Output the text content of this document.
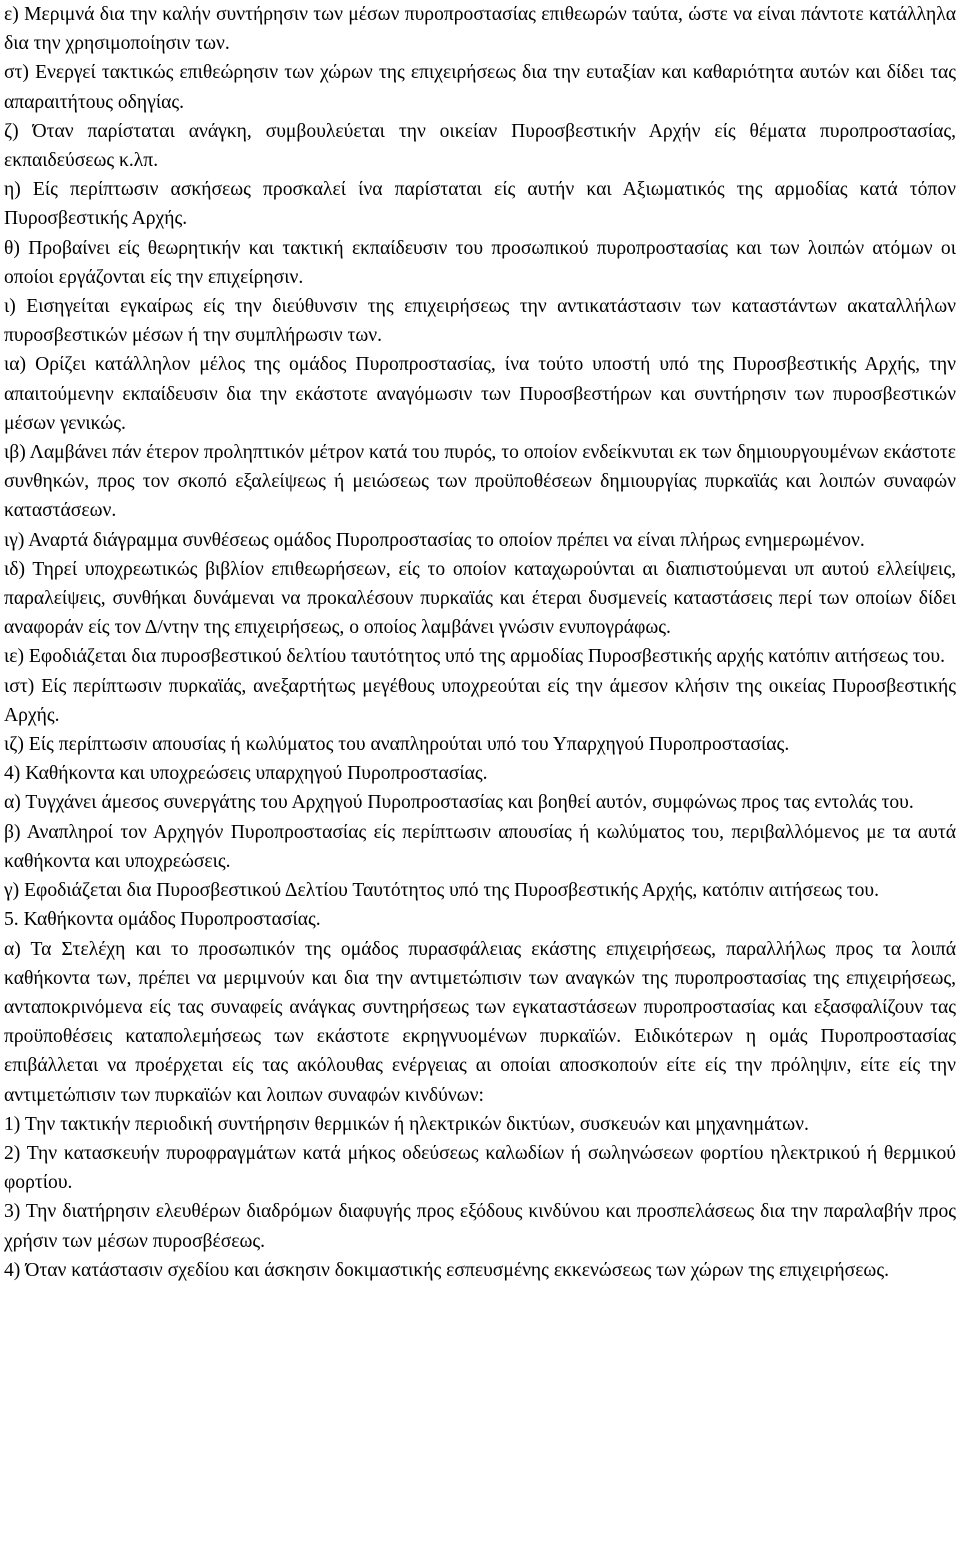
ε) Μεριμνά δια την καλήν συντήρησιν των μέσων πυροπροστασίας επιθεωρών ταύτα, ώστε να είναι πάντοτε κατάλληλα δια την χρησιμοποίησιν των.

στ) Ενεργεί τακτικώς επιθεώρησιν των χώρων της επιχειρήσεως δια την ευταξίαν και καθαριότητα αυτών και δίδει τας απαραιτήτους οδηγίας.

ζ) Όταν παρίσταται ανάγκη, συμβουλεύεται την οικείαν Πυροσβεστικήν Αρχήν είς θέματα πυροπροστασίας, εκπαιδεύσεως κ.λπ.

η) Είς περίπτωσιν ασκήσεως προσκαλεί ίνα παρίσταται είς αυτήν και Αξιωματικός της αρμοδίας κατά τόπον Πυροσβεστικής Αρχής.

θ) Προβαίνει είς θεωρητικήν και τακτική εκπαίδευσιν του προσωπικού πυροπροστασίας και των λοιπών ατόμων οι οποίοι εργάζονται είς την επιχείρησιν.

ι) Εισηγείται εγκαίρως είς την διεύθυνσιν της επιχειρήσεως την αντικατάστασιν των καταστάντων ακαταλλήλων πυροσβεστικών μέσων ή την συμπλήρωσιν των.

ια) Ορίζει κατάλληλον μέλος της ομάδος Πυροπροστασίας, ίνα τούτο υποστή υπό της Πυροσβεστικής Αρχής, την απαιτούμενην εκπαίδευσιν δια την εκάστοτε αναγόμωσιν των Πυροσβεστήρων και συντήρησιν των πυροσβεστικών μέσων γενικώς.

ιβ) Λαμβάνει πάν έτερον προληπτικόν μέτρον κατά του πυρός, το οποίον ενδείκνυται εκ των δημιουργουμένων εκάστοτε συνθηκών, προς τον σκοπό εξαλείψεως ή μειώσεως των προϋποθέσεων δημιουργίας πυρκαϊάς και λοιπών συναφών καταστάσεων.

ιγ) Αναρτά διάγραμμα συνθέσεως ομάδος Πυροπροστασίας το οποίον πρέπει να είναι πλήρως ενημερωμένον.

ιδ) Τηρεί υποχρεωτικώς βιβλίον επιθεωρήσεων, είς το οποίον καταχωρούνται αι διαπιστούμεναι υπ αυτού ελλείψεις, παραλείψεις, συνθήκαι δυνάμεναι να προκαλέσουν πυρκαϊάς και έτεραι δυσμενείς καταστάσεις περί των οποίων δίδει αναφοράν είς τον Δ/ντην της επιχειρήσεως, ο οποίος λαμβάνει γνώσιν ενυπογράφως.

ιε) Εφοδιάζεται δια πυροσβεστικού δελτίου ταυτότητος υπό της αρμοδίας Πυροσβεστικής αρχής κατόπιν αιτήσεως του.

ιστ) Είς περίπτωσιν πυρκαϊάς, ανεξαρτήτως μεγέθους υποχρεούται είς την άμεσον κλήσιν της οικείας Πυροσβεστικής Αρχής.

ιζ) Είς περίπτωσιν απουσίας ή κωλύματος του αναπληρούται υπό του Υπαρχηγού Πυροπροστασίας.

4) Καθήκοντα και υποχρεώσεις υπαρχηγού Πυροπροστασίας.

α) Τυγχάνει άμεσος συνεργάτης του Αρχηγού Πυροπροστασίας και βοηθεί αυτόν, συμφώνως προς τας εντολάς του.

β) Αναπληροί τον Αρχηγόν Πυροπροστασίας είς περίπτωσιν απουσίας ή κωλύματος του, περιβαλλόμενος με τα αυτά καθήκοντα και υποχρεώσεις.

γ) Εφοδιάζεται δια Πυροσβεστικού Δελτίου Ταυτότητος υπό της Πυροσβεστικής Αρχής, κατόπιν αιτήσεως του.

5. Καθήκοντα ομάδος Πυροπροστασίας.

α) Τα Στελέχη και το προσωπικόν της ομάδος πυρασφάλειας εκάστης επιχειρήσεως, παραλλήλως προς τα λοιπά καθήκοντα των, πρέπει να μεριμνούν και δια την αντιμετώπισιν των αναγκών της πυροπροστασίας της επιχειρήσεως, ανταποκρινόμενα είς τας συναφείς ανάγκας συντηρήσεως των εγκαταστάσεων πυροπροστασίας και εξασφαλίζουν τας προϋποθέσεις καταπολεμήσεως των εκάστοτε εκρηγνυομένων πυρκαϊών. Ειδικότερων η ομάς Πυροπροστασίας επιβάλλεται να προέρχεται είς τας ακόλουθας ενέργειας αι οποίαι αποσκοπούν είτε είς την πρόληψιν, είτε είς την αντιμετώπισιν των πυρκαϊών και λοιπων συναφών κινδύνων:

1) Την τακτικήν περιοδική συντήρησιν θερμικών ή ηλεκτρικών δικτύων, συσκευών και μηχανημάτων.

2) Την κατασκευήν πυροφραγμάτων κατά μήκος οδεύσεως καλωδίων ή σωληνώσεων φορτίου ηλεκτρικού ή θερμικού φορτίου.

3) Την διατήρησιν ελευθέρων διαδρόμων διαφυγής προς εξόδους κινδύνου και προσπελάσεως δια την παραλαβήν προς χρήσιν των μέσων πυροσβέσεως.

4) Όταν κατάστασιν σχεδίου και άσκησιν δοκιμαστικής εσπευσμένης εκκενώσεως των χώρων της επιχειρήσεως.
